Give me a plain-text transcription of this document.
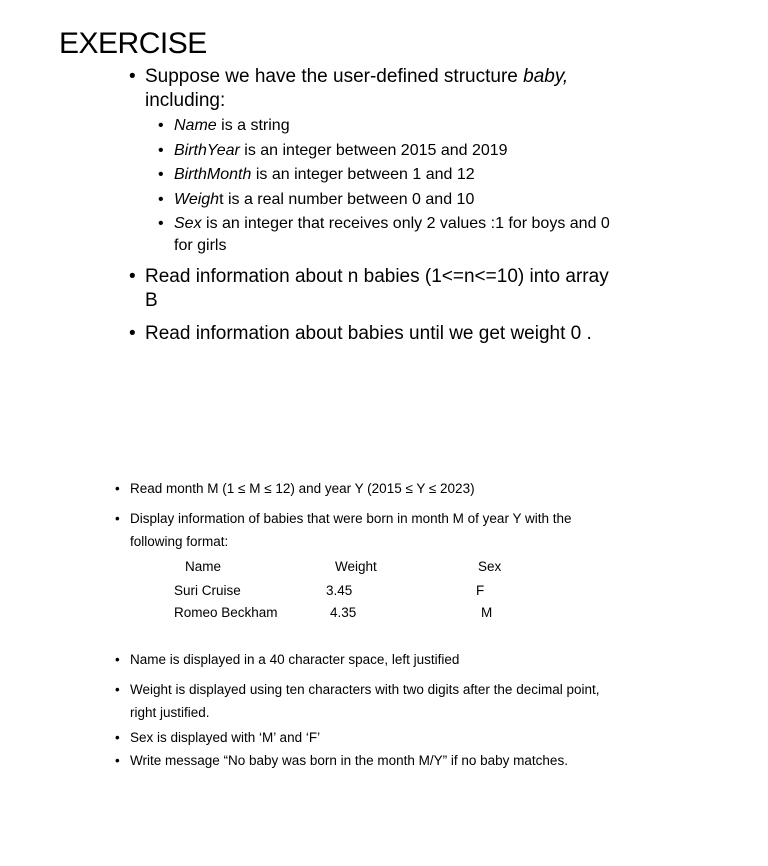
EXERCISE
• Suppose we have the user-defined structure baby,
including:
• Name is a string
• BirthYear is an integer between 2015 and 2019
• BirthMonth is an integer between 1 and 12
• Weight is a real number between 0 and 10
• Sex is an integer that receives only 2 values :1 for boys and 0
for girls
• Read information about n babies (1<=n<=10) into array
B
• Read information about babies until we get weight 0 .
• Read month M (1 ≤ M ≤ 12) and year Y (2015 ≤ Y ≤ 2023)
• Display information of babies that were born in month M of year Y with the
following format:
Name	Weight	Sex
Suri Cruise	3.45	F
Romeo Beckham	4.35	M
• Name is displayed in a 40 character space, left justified
• Weight is displayed using ten characters with two digits after the decimal point,
right justified.
• Sex is displayed with ‘M’ and ‘F’
• Write message “No baby was born in the month M/Y” if no baby matches.
